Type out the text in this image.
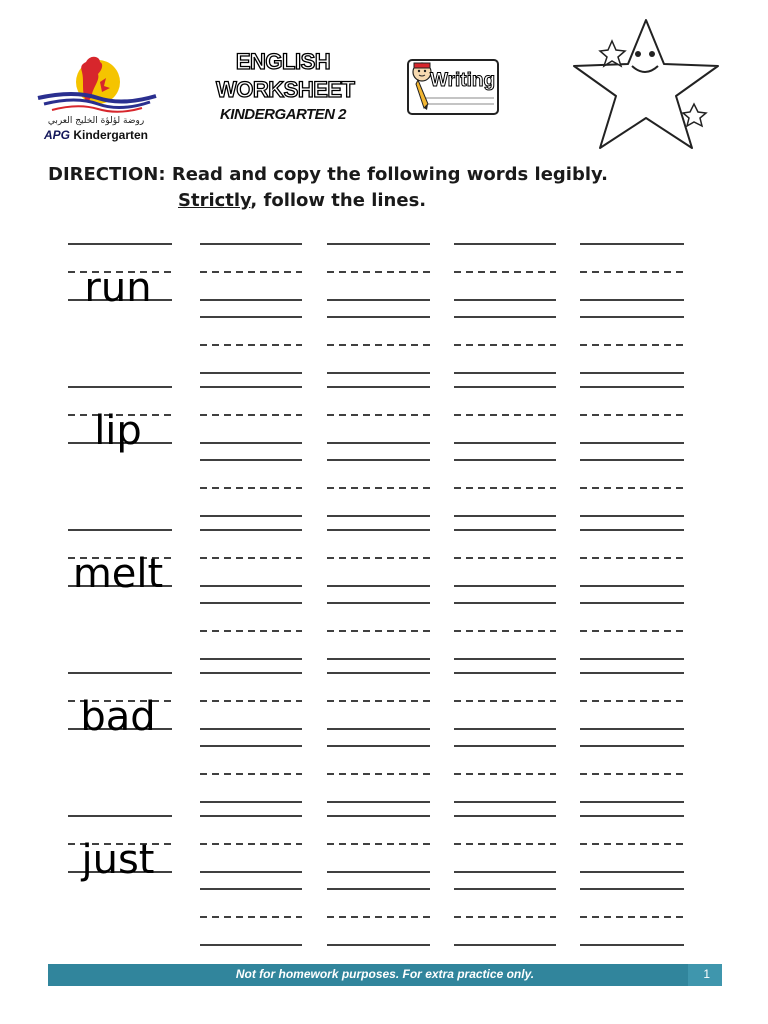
روضة لؤلؤة الخليج العربي
APG Kindergarten
ENGLISH
WORKSHEET
KINDERGARTEN 2
Writing
DIRECTION: Read and copy the following words legibly.
Strictly, follow the lines.
run
lip
melt
bad
just
Not for homework purposes. For extra practice only.	1
